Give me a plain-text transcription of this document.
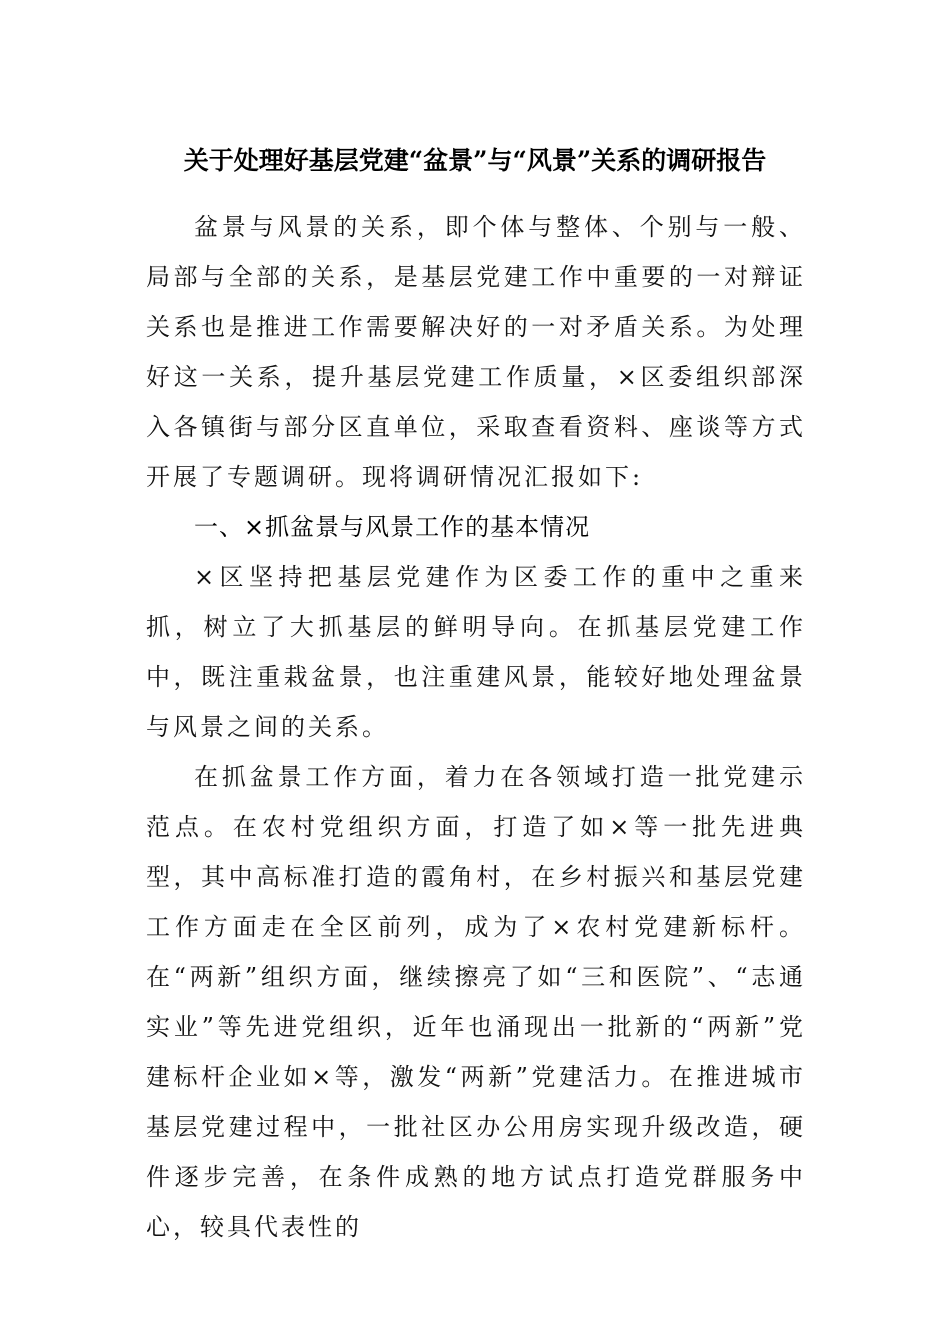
关于处理好基层党建“盆景”与“风景”关系的调研报告

盆景与风景的关系，即个体与整体、个别与一般、局部与全部的关系，是基层党建工作中重要的一对辩证关系也是推进工作需要解决好的一对矛盾关系。为处理好这一关系，提升基层党建工作质量，×区委组织部深入各镇街与部分区直单位，采取查看资料、座谈等方式开展了专题调研。现将调研情况汇报如下:

一、×抓盆景与风景工作的基本情况

×区坚持把基层党建作为区委工作的重中之重来抓，树立了大抓基层的鲜明导向。在抓基层党建工作中，既注重栽盆景，也注重建风景，能较好地处理盆景与风景之间的关系。

在抓盆景工作方面，着力在各领域打造一批党建示范点。在农村党组织方面，打造了如×等一批先进典型，其中高标准打造的霞角村，在乡村振兴和基层党建工作方面走在全区前列，成为了×农村党建新标杆。在“两新”组织方面，继续擦亮了如“三和医院”、“志通实业”等先进党组织，近年也涌现出一批新的“两新”党建标杆企业如×等，激发“两新”党建活力。在推进城市基层党建过程中，一批社区办公用房实现升级改造，硬件逐步完善，在条件成熟的地方试点打造党群服务中心，较具代表性的
